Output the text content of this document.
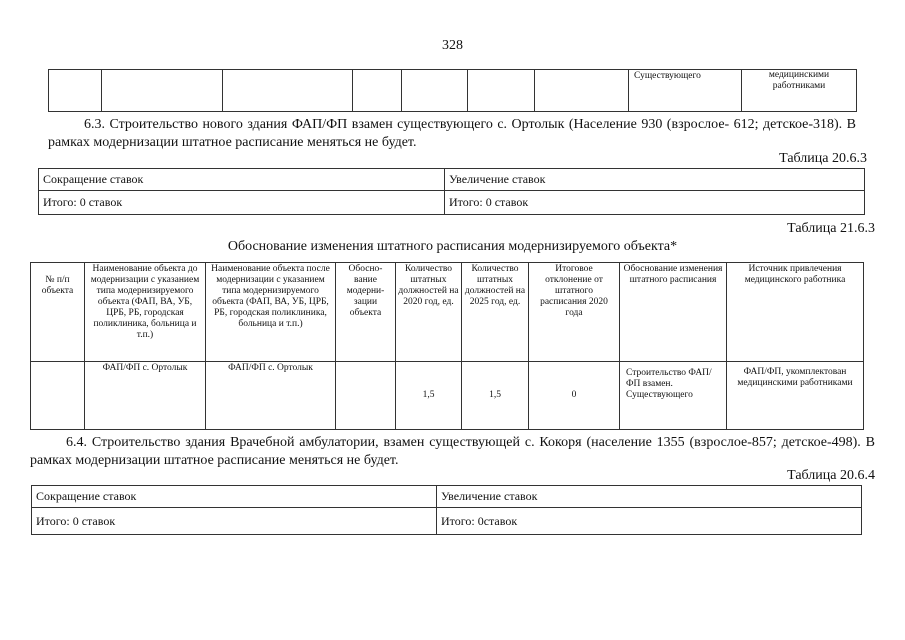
328
							Существующего	медицинскими работниками
6.3. Строительство нового здания ФАП/ФП взамен существующего с. Ортолык (Население 930 (взрослое- 612; детское-318). В рамках модернизации штатное расписание меняться не будет.
Таблица 20.6.3
Сокращение ставок	Увеличение ставок
Итого: 0 ставок	Итого: 0 ставок
Таблица 21.6.3
Обоснование изменения штатного расписания модернизируемого объекта*
№ п/п объекта	Наименование объекта до модернизации с указанием типа модернизируемого объекта (ФАП, ВА, УБ, ЦРБ, РБ, городская поликлиника, больница и т.п.)	Наименование объекта после модернизации с указанием типа модернизируемого объекта (ФАП, ВА, УБ, ЦРБ, РБ, городская поликлиника, больница и т.п.)	Обосно-вание модерни-зации объекта	Количество штатных должностей на 2020 год, ед.	Количество штатных должностей на 2025 год, ед.	Итоговое отклонение от штатного расписания 2020 года	Обоснование изменения штатного расписания	Источник привлечения медицинского работника
	ФАП/ФП с. Ортолык	ФАП/ФП с. Ортолык		1,5	1,5	0	Строительство ФАП/ФП взамен. Существующего	ФАП/ФП, укомплектован медицинскими работниками
6.4. Строительство здания Врачебной амбулатории, взамен существующей с. Кокоря (население 1355 (взрослое-857; детское-498). В рамках модернизации штатное расписание меняться не будет.
Таблица 20.6.4
Сокращение ставок	Увеличение ставок
Итого: 0 ставок	Итого: 0ставок
